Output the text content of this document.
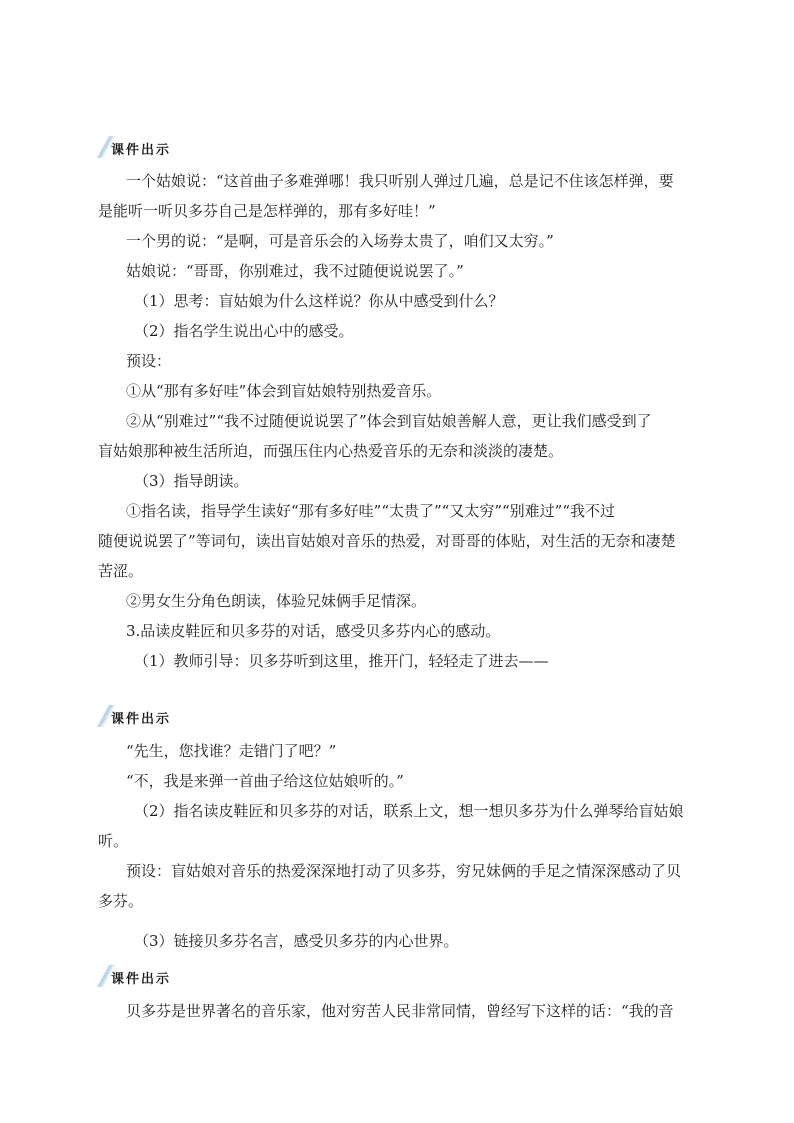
课件出示

一个姑娘说：“这首曲子多难弹哪！我只听别人弹过几遍，总是记不住该怎样弹，要

是能听一听贝多芬自己是怎样弹的，那有多好哇！”

一个男的说：“是啊，可是音乐会的入场券太贵了，咱们又太穷。”

姑娘说：“哥哥，你别难过，我不过随便说说罢了。”

（1）思考：盲姑娘为什么这样说？你从中感受到什么？

（2）指名学生说出心中的感受。

预设：

①从“那有多好哇”体会到盲姑娘特别热爱音乐。

②从“别难过”“我不过随便说说罢了”体会到盲姑娘善解人意，更让我们感受到了

盲姑娘那种被生活所迫，而强压住内心热爱音乐的无奈和淡淡的凄楚。

（3）指导朗读。

①指名读，指导学生读好“那有多好哇”“太贵了”“又太穷”“别难过”“我不过

随便说说罢了”等词句，读出盲姑娘对音乐的热爱，对哥哥的体贴，对生活的无奈和凄楚

苦涩。

②男女生分角色朗读，体验兄妹俩手足情深。

3.品读皮鞋匠和贝多芬的对话，感受贝多芬内心的感动。

（1）教师引导：贝多芬听到这里，推开门，轻轻走了进去——

课件出示

“先生，您找谁？走错门了吧？”

“不，我是来弹一首曲子给这位姑娘听的。”

（2）指名读皮鞋匠和贝多芬的对话，联系上文，想一想贝多芬为什么弹琴给盲姑娘

听。

预设：盲姑娘对音乐的热爱深深地打动了贝多芬，穷兄妹俩的手足之情深深感动了贝

多芬。

（3）链接贝多芬名言，感受贝多芬的内心世界。

课件出示

贝多芬是世界著名的音乐家，他对穷苦人民非常同情，曾经写下这样的话：“我的音
